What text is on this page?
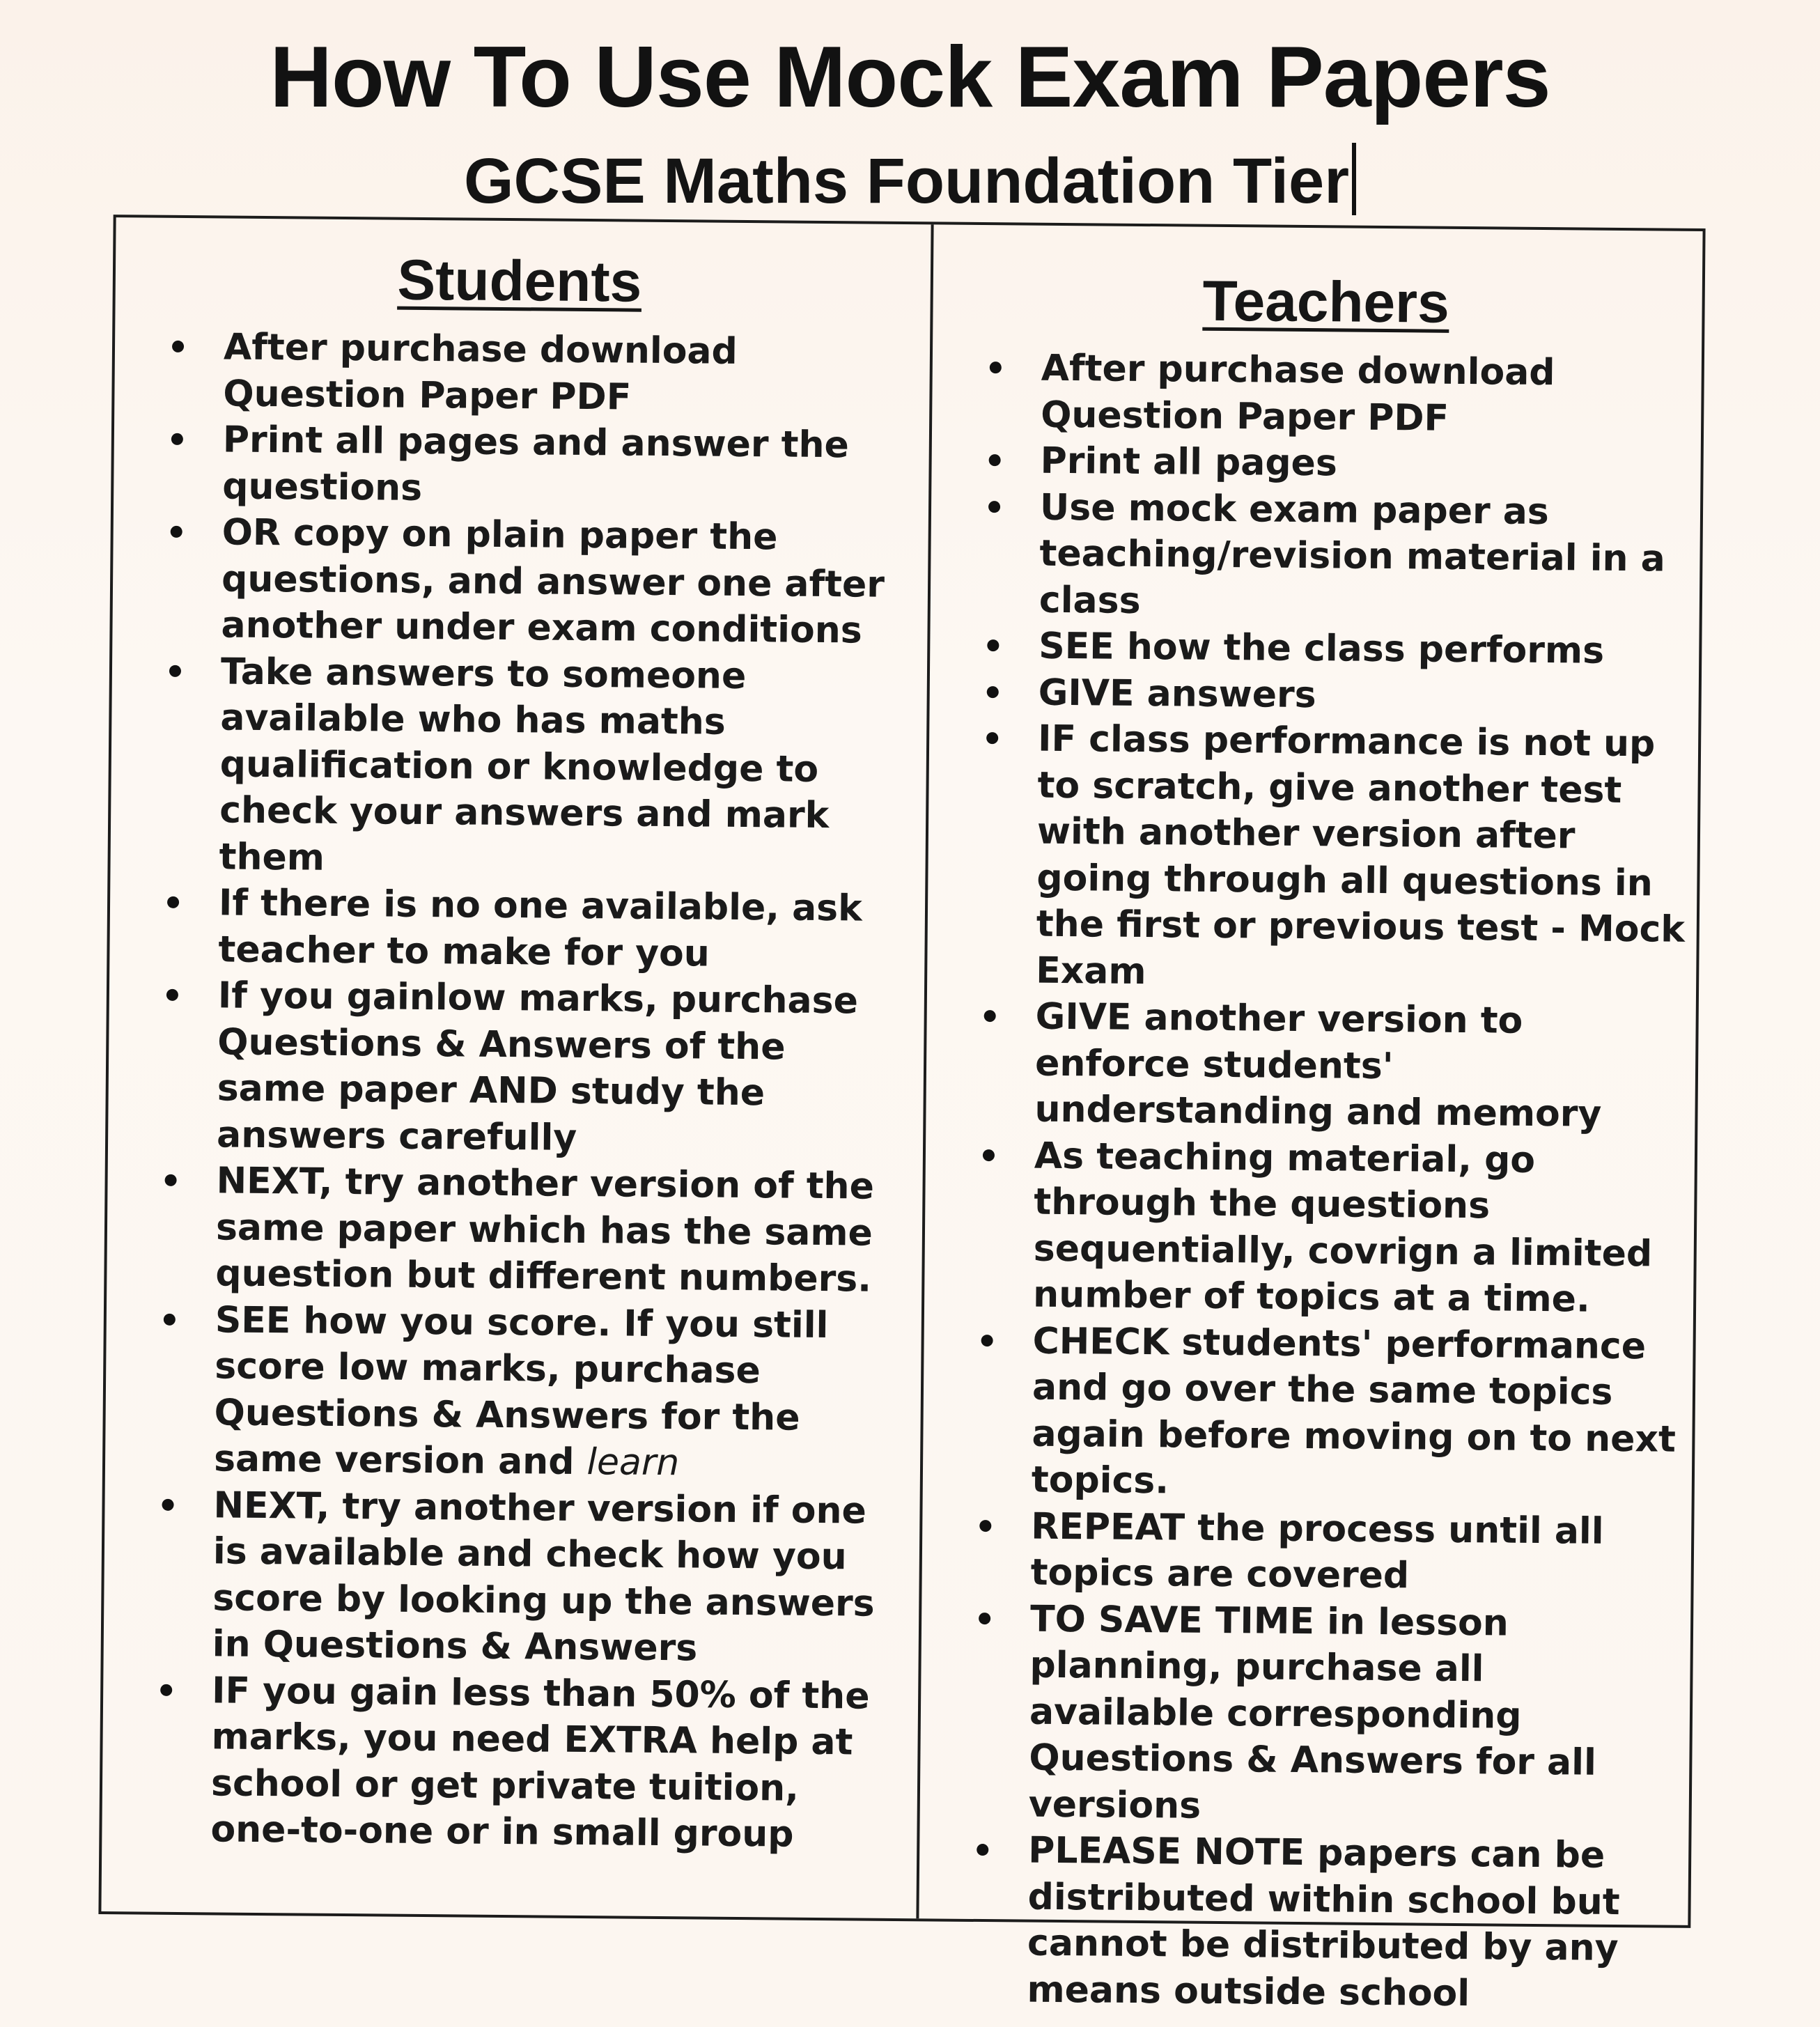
How To Use Mock Exam Papers
GCSE Maths Foundation Tier
Students
After purchase download Question Paper PDF
Print all pages and answer the questions
OR copy on plain paper the questions, and answer one after another under exam conditions
Take answers to someone available who has maths qualification or knowledge to check your answers and mark them
If there is no one available, ask teacher to make for you
If you gainlow marks, purchase Questions & Answers of the same paper AND study the answers carefully
NEXT, try another version of the same paper which has the same question but different numbers.
SEE how you score. If you still score low marks, purchase Questions & Answers for the same version and learn
NEXT, try another version if one is available and check how you score by looking up the answers in Questions & Answers
IF you gain less than 50% of the marks, you need EXTRA help at school or get private tuition, one-to-one or in small group
Teachers
After purchase download Question Paper PDF
Print all pages
Use mock exam paper as teaching/revision material in a class
SEE how the class performs
GIVE answers
IF class performance is not up to scratch, give another test with another version after going through all questions in the first or previous test - Mock Exam
GIVE another version to enforce students' understanding and memory
As teaching material, go through the questions sequentially, covrign a limited number of topics at a time.
CHECK students' performance and go over the same topics again before moving on to next topics.
REPEAT the process until all topics are covered
TO SAVE TIME in lesson planning, purchase all available corresponding Questions & Answers for all versions
PLEASE NOTE papers can be distributed within school but cannot be distributed by any means outside school
